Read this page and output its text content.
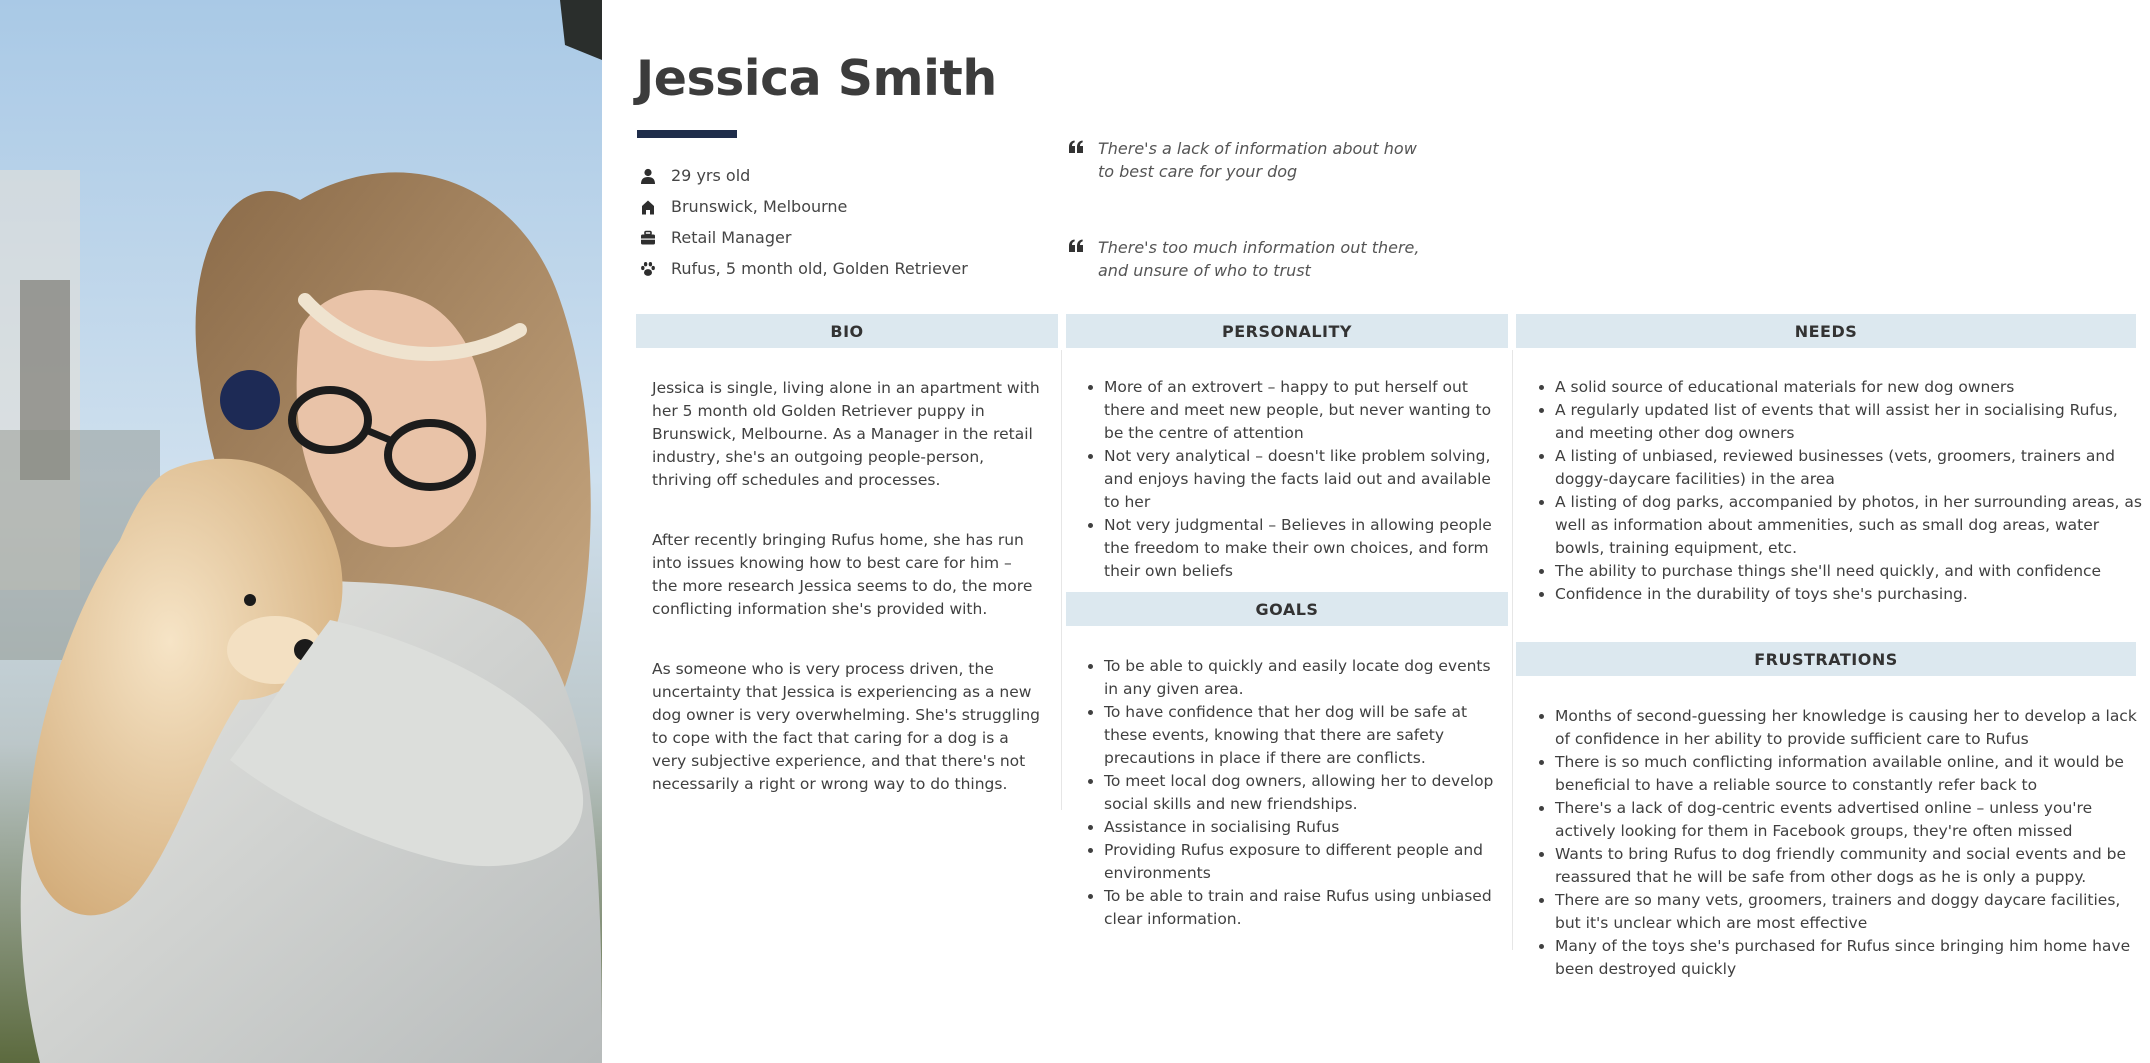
Jessica Smith
29 yrs old
Brunswick, Melbourne
Retail Manager
Rufus, 5 month old, Golden Retriever

There's a lack of information about how to best care for your dog

There's too much information out there, and unsure of who to trust

BIO

Jessica is single, living alone in an apartment with her 5 month old Golden Retriever puppy in Brunswick, Melbourne. As a Manager in the retail industry, she's an outgoing people-person, thriving off schedules and processes.

After recently bringing Rufus home, she has run into issues knowing how to best care for him – the more research Jessica seems to do, the more conflicting information she's provided with.

As someone who is very process driven, the uncertainty that Jessica is experiencing as a new dog owner is very overwhelming. She's struggling to cope with the fact that caring for a dog is a very subjective experience, and that there's not necessarily a right or wrong way to do things.

PERSONALITY
• More of an extrovert – happy to put herself out there and meet new people, but never wanting to be the centre of attention
• Not very analytical – doesn't like problem solving, and enjoys having the facts laid out and available to her
• Not very judgmental – Believes in allowing people the freedom to make their own choices, and form their own beliefs
GOALS
• To be able to quickly and easily locate dog events in any given area.
• To have confidence that her dog will be safe at these events, knowing that there are safety precautions in place if there are conflicts.
• To meet local dog owners, allowing her to develop social skills and new friendships.
• Assistance in socialising Rufus
• Providing Rufus exposure to different people and environments
• To be able to train and raise Rufus using unbiased clear information.
NEEDS
• A solid source of educational materials for new dog owners
• A regularly updated list of events that will assist her in socialising Rufus, and meeting other dog owners
• A listing of unbiased, reviewed businesses (vets, groomers, trainers and doggy-daycare facilities) in the area
• A listing of dog parks, accompanied by photos, in her surrounding areas, as well as information about ammenities, such as small dog areas, water bowls, training equipment, etc.
• The ability to purchase things she'll need quickly, and with confidence
• Confidence in the durability of toys she's purchasing.
FRUSTRATIONS
• Months of second-guessing her knowledge is causing her to develop a lack of confidence in her ability to provide sufficient care to Rufus
• There is so much conflicting information available online, and it would be beneficial to have a reliable source to constantly refer back to
• There's a lack of dog-centric events advertised online – unless you're actively looking for them in Facebook groups, they're often missed
• Wants to bring Rufus to dog friendly community and social events and be reassured that he will be safe from other dogs as he is only a puppy.
• There are so many vets, groomers, trainers and doggy daycare facilities, but it's unclear which are most effective
• Many of the toys she's purchased for Rufus since bringing him home have been destroyed quickly
